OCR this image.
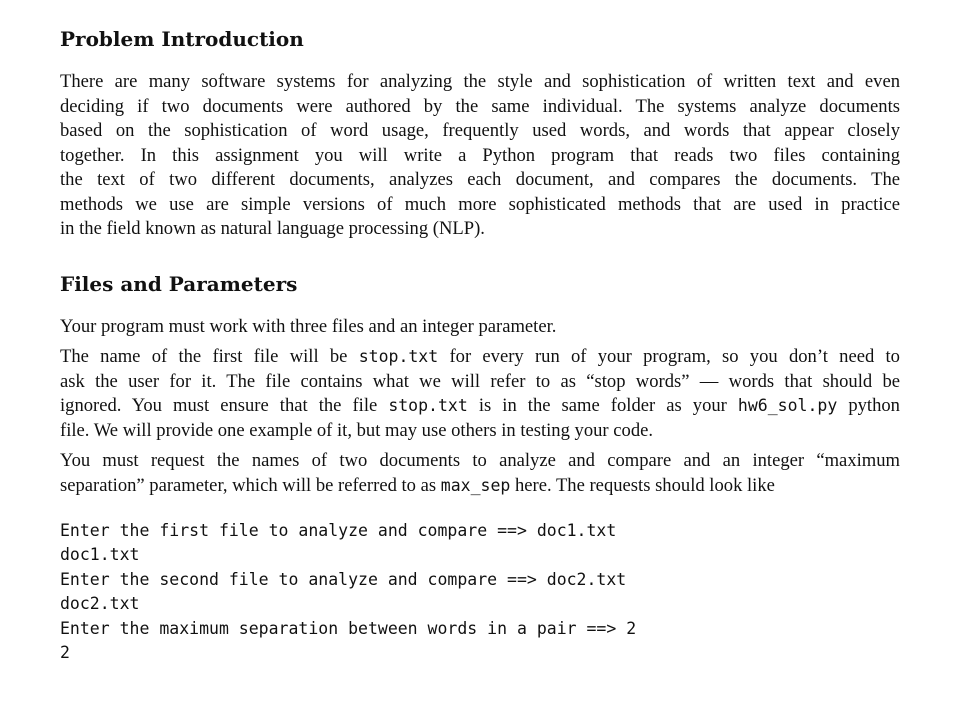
Problem Introduction

There are many software systems for analyzing the style and sophistication of written text and even
deciding if two documents were authored by the same individual. The systems analyze documents
based on the sophistication of word usage, frequently used words, and words that appear closely
together. In this assignment you will write a Python program that reads two files containing
the text of two different documents, analyzes each document, and compares the documents. The
methods we use are simple versions of much more sophisticated methods that are used in practice
in the field known as natural language processing (NLP).

Files and Parameters

Your program must work with three files and an integer parameter.

The name of the first file will be stop.txt for every run of your program, so you don’t need to
ask the user for it. The file contains what we will refer to as “stop words” — words that should be
ignored. You must ensure that the file stop.txt is in the same folder as your hw6_sol.py python
file. We will provide one example of it, but may use others in testing your code.

You must request the names of two documents to analyze and compare and an integer “maximum
separation” parameter, which will be referred to as max_sep here. The requests should look like

Enter the first file to analyze and compare ==> doc1.txt
doc1.txt
Enter the second file to analyze and compare ==> doc2.txt
doc2.txt
Enter the maximum separation between words in a pair ==> 2
2
